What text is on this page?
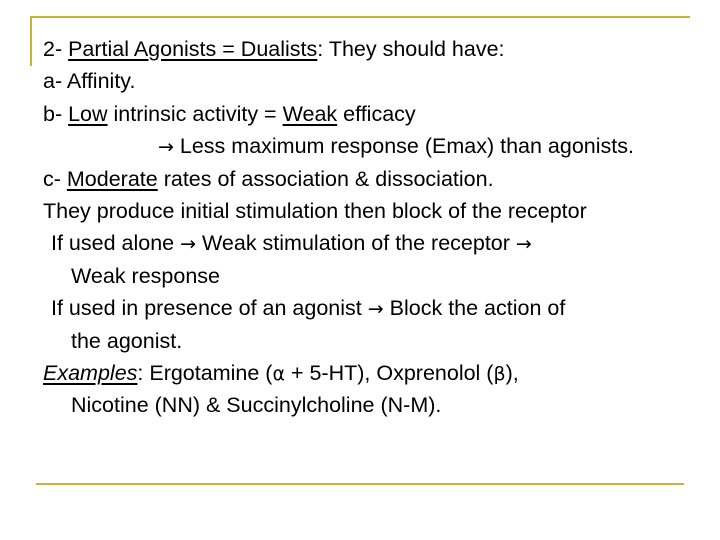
2- Partial Agonists = Dualists: They should have:
a- Affinity.
b- Low intrinsic activity = Weak efficacy
→ Less maximum response (Emax) than agonists.
c- Moderate rates of association & dissociation.
They produce initial stimulation then block of the receptor
If used alone → Weak stimulation of the receptor →
Weak response
If used in presence of an agonist → Block the action of
the agonist.
Examples: Ergotamine (α + 5-HT), Oxprenolol (β),
Nicotine (NN) & Succinylcholine (N-M).
